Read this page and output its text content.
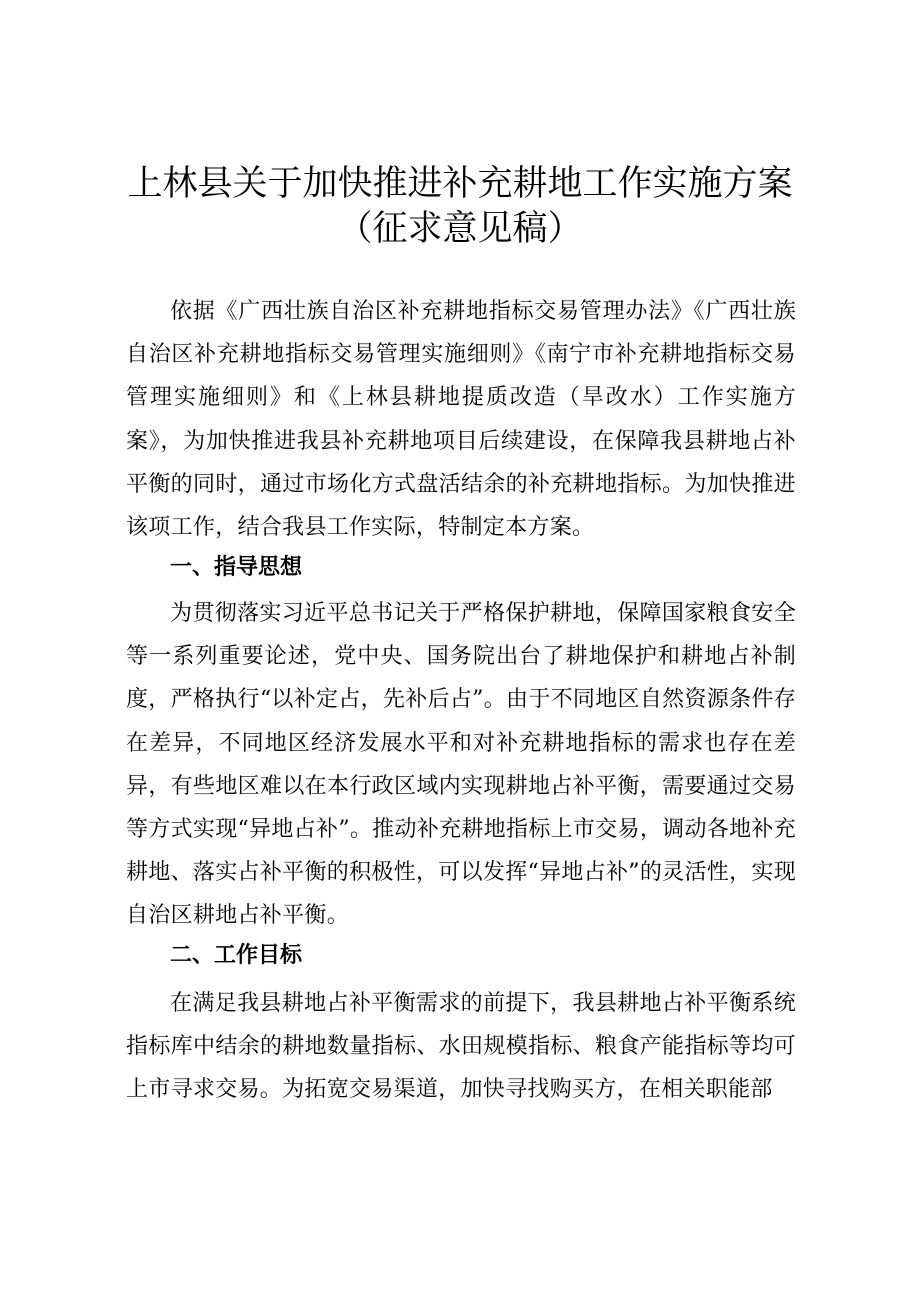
上林县关于加快推进补充耕地工作实施方案
（征求意见稿）

依据《广西壮族自治区补充耕地指标交易管理办法》《广西壮族自治区补充耕地指标交易管理实施细则》《南宁市补充耕地指标交易管理实施细则》和《上林县耕地提质改造（旱改水）工作实施方案》，为加快推进我县补充耕地项目后续建设，在保障我县耕地占补平衡的同时，通过市场化方式盘活结余的补充耕地指标。为加快推进该项工作，结合我县工作实际，特制定本方案。

一、指导思想

为贯彻落实习近平总书记关于严格保护耕地，保障国家粮食安全等一系列重要论述，党中央、国务院出台了耕地保护和耕地占补制度，严格执行“以补定占，先补后占”。由于不同地区自然资源条件存在差异，不同地区经济发展水平和对补充耕地指标的需求也存在差异，有些地区难以在本行政区域内实现耕地占补平衡，需要通过交易等方式实现“异地占补”。推动补充耕地指标上市交易，调动各地补充耕地、落实占补平衡的积极性，可以发挥“异地占补”的灵活性，实现自治区耕地占补平衡。

二、工作目标

在满足我县耕地占补平衡需求的前提下，我县耕地占补平衡系统指标库中结余的耕地数量指标、水田规模指标、粮食产能指标等均可上市寻求交易。为拓宽交易渠道，加快寻找购买方，在相关职能部
